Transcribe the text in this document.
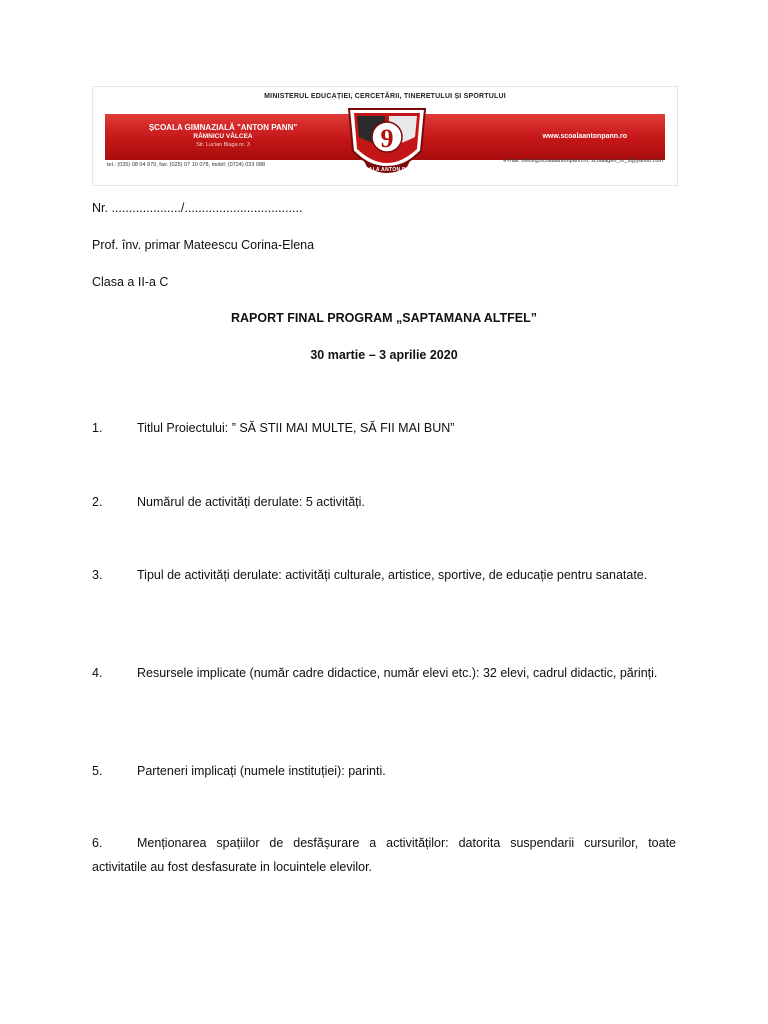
MINISTERUL EDUCAȚIEI, CERCETĂRII, TINERETULUI ȘI SPORTULUI
ȘCOALA GIMNAZIALĂ "ANTON PANN"
RÂMNICU VÂLCEA
Str. Lucian Blaga nr. 3
www.scoalaantonpann.ro
tel.: (035) 08 04 970, fax: (025) 07 10 078, mobil: (0724) 033 088
e-mail: office@scoalaantonpann.ro; scoalagen_nr_9@yahoo.com
9
ȘCOALA ANTON PANN
Nr. ..................../..................................
Prof. înv. primar Mateescu Corina-Elena
Clasa a II-a C
RAPORT FINAL PROGRAM „SAPTAMANA ALTFEL”
30 martie – 3 aprilie 2020
1.	Titlul Proiectului: ” SĂ STII MAI MULTE, SĂ FII MAI BUN”
2.	Numărul de activități derulate: 5 activități.
3.	Tipul de activități derulate: activități culturale, artistice, sportive, de educație pentru sanatate.
4.	Resursele implicate (număr cadre didactice, număr elevi etc.): 32 elevi, cadrul didactic, părinți.
5.	Parteneri implicați (numele instituției): parinti.
6.	Menționarea spațiilor de desfășurare a activităților: datorita suspendarii cursurilor, toate activitatile au fost desfasurate in locuintele elevilor.
